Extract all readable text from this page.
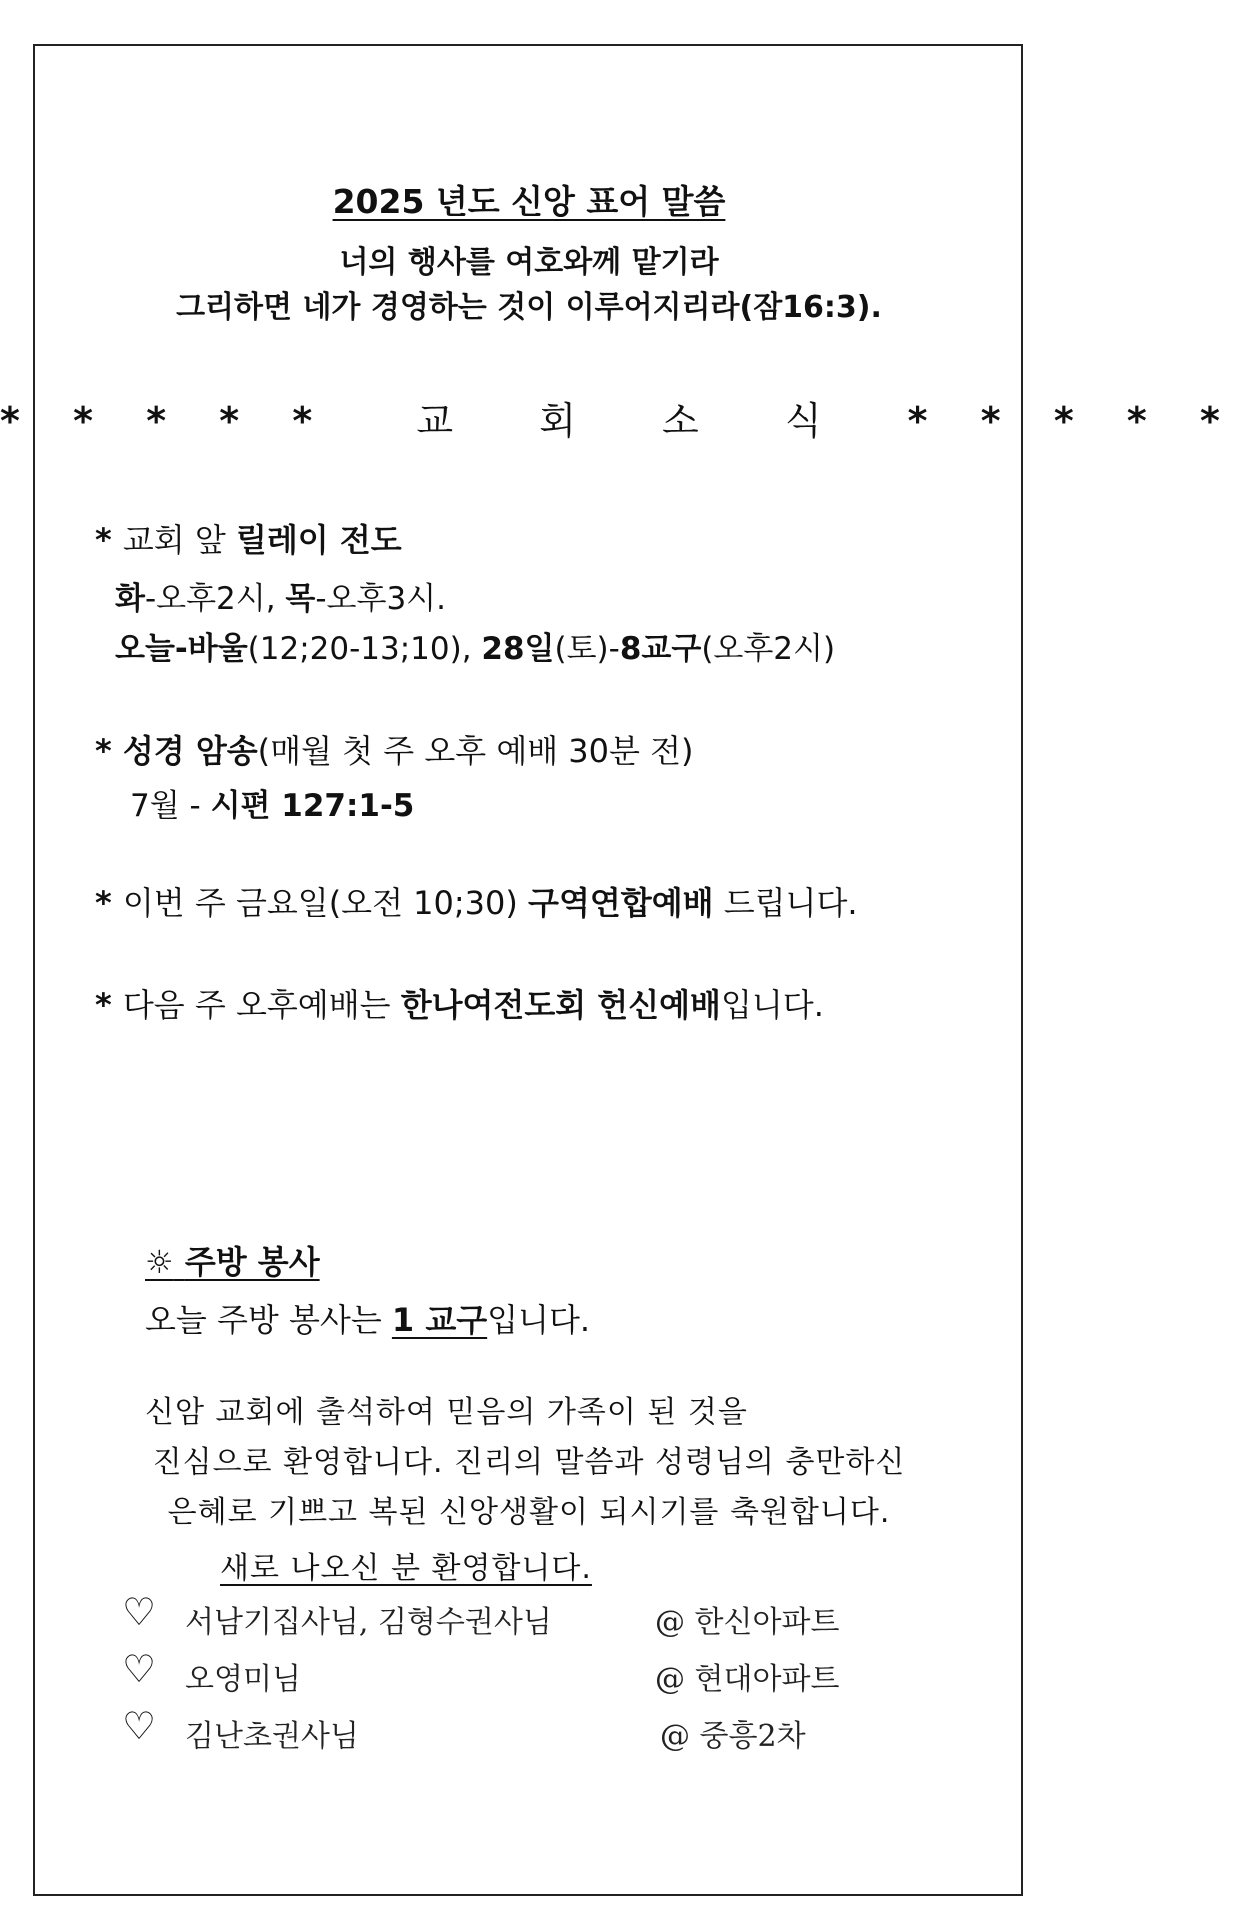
2025 년도 신앙 표어 말씀
너의 행사를 여호와께 맡기라
그리하면 네가 경영하는 것이 이루어지리라(잠16:3).
* * * * * 교 회 소 식 * * * * *
* 교회 앞 릴레이 전도
화-오후2시, 목-오후3시.
오늘-바울(12;20-13;10), 28일(토)-8교구(오후2시)
* 성경 암송(매월 첫 주 오후 예배 30분 전)
7월 - 시편 127:1-5
* 이번 주 금요일(오전 10;30) 구역연합예배 드립니다.
* 다음 주 오후예배는 한나여전도회 헌신예배입니다.
☼ 주방 봉사
오늘 주방 봉사는 1 교구입니다.
신암 교회에 출석하여 믿음의 가족이 된 것을
진심으로 환영합니다. 진리의 말씀과 성령님의 충만하신
은혜로 기쁘고 복된 신앙생활이 되시기를 축원합니다.
새로 나오신 분 환영합니다.
♡ 서남기집사님, 김형수권사님	@ 한신아파트
♡ 오영미님	@ 현대아파트
♡ 김난초권사님	@ 중흥2차
